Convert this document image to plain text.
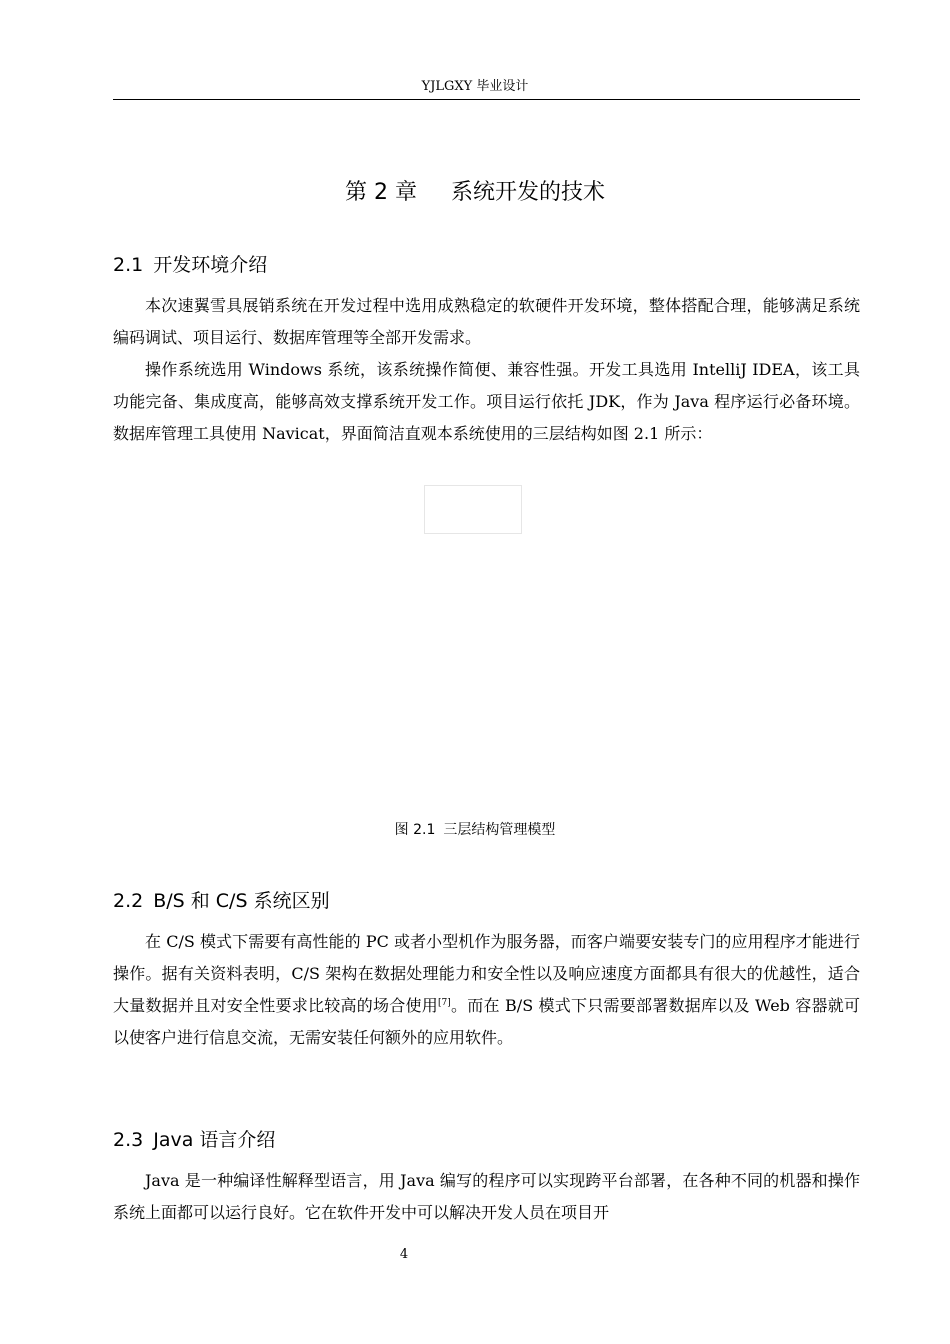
YJLGXY 毕业设计
第 2 章 系统开发的技术
2.1 开发环境介绍

本次速翼雪具展销系统在开发过程中选用成熟稳定的软硬件开发环境，整体搭配合理，能够满足系统编码调试、项目运行、数据库管理等全部开发需求。

操作系统选用 Windows 系统，该系统操作简便、兼容性强。开发工具选用 IntelliJ IDEA，该工具功能完备、集成度高，能够高效支撑系统开发工作。项目运行依托 JDK，作为 Java 程序运行必备环境。数据库管理工具使用 Navicat，界面简洁直观本系统使用的三层结构如图 2.1 所示：

图 2.1 三层结构管理模型
2.2 B/S 和 C/S 系统区别

在 C/S 模式下需要有高性能的 PC 或者小型机作为服务器，而客户端要安装专门的应用程序才能进行操作。据有关资料表明，C/S 架构在数据处理能力和安全性以及响应速度方面都具有很大的优越性，适合大量数据并且对安全性要求比较高的场合使用[7]。而在 B/S 模式下只需要部署数据库以及 Web 容器就可以使客户进行信息交流，无需安装任何额外的应用软件。

2.3 Java 语言介绍

Java 是一种编译性解释型语言，用 Java 编写的程序可以实现跨平台部署，在各种不同的机器和操作系统上面都可以运行良好。它在软件开发中可以解决开发人员在项目开

4
